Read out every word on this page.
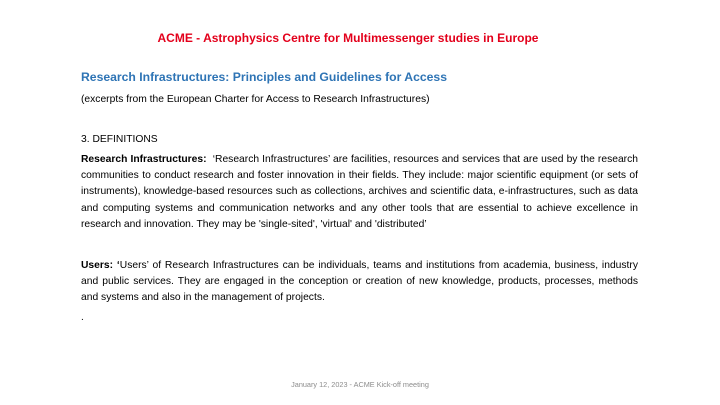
ACME - Astrophysics Centre for Multimessenger studies in Europe
Research Infrastructures: Principles and Guidelines for Access
(excerpts from the European Charter for Access to Research Infrastructures)
3. DEFINITIONS
Research Infrastructures: ‘Research Infrastructures’ are facilities, resources and services that are used by the research communities to conduct research and foster innovation in their fields. They include: major scientific equipment (or sets of instruments), knowledge-based resources such as collections, archives and scientific data, e-infrastructures, such as data and computing systems and communication networks and any other tools that are essential to achieve excellence in research and innovation. They may be 'single-sited', 'virtual' and 'distributed’
Users: ‘Users’ of Research Infrastructures can be individuals, teams and institutions from academia, business, industry and public services. They are engaged in the conception or creation of new knowledge, products, processes, methods and systems and also in the management of projects.
.
January 12, 2023 - ACME Kick-off meeting
